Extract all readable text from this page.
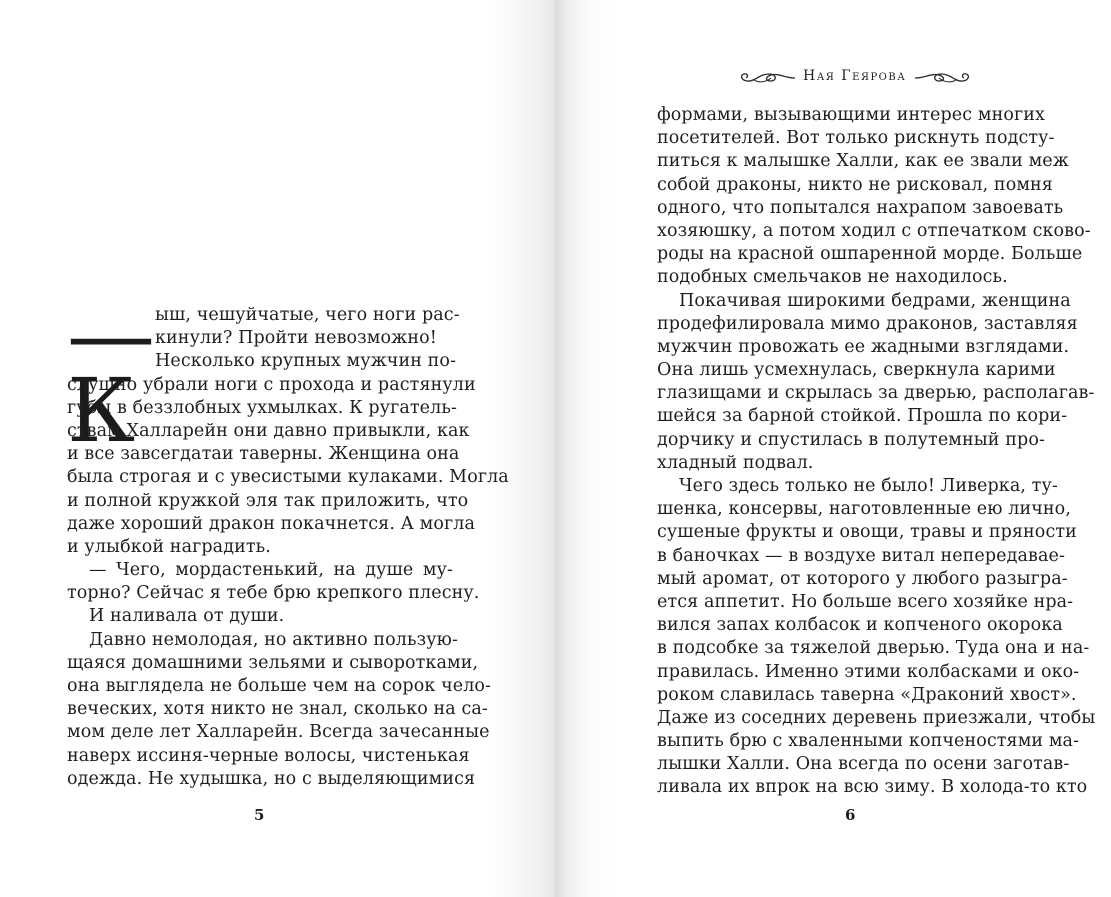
—К
ыш, чешуйчатые, чего ноги рас-
кинули? Пройти невозможно!
Несколько крупных мужчин по-
слушно убрали ноги с прохода и растянули
губы в беззлобных ухмылках. К ругатель-
ствам Халларейн они давно привыкли, как
и все завсегдатаи таверны. Женщина она
была строгая и с увесистыми кулаками. Могла
и полной кружкой эля так приложить, что
даже хороший дракон покачнется. А могла
и улыбкой наградить.
— Чего, мордастенький, на душе му-
торно? Сейчас я тебе брю крепкого плесну.
И наливала от души.
Давно немолодая, но активно пользую-
щаяся домашними зельями и сыворотками,
она выглядела не больше чем на сорок чело-
веческих, хотя никто не знал, сколько на са-
мом деле лет Халларейн. Всегда зачесанные
наверх иссиня-черные волосы, чистенькая
одежда. Не худышка, но с выделяющимися
5
Ная Геярова
формами, вызывающими интерес многих
посетителей. Вот только рискнуть подсту-
питься к малышке Халли, как ее звали меж
собой драконы, никто не рисковал, помня
одного, что попытался нахрапом завоевать
хозяюшку, а потом ходил с отпечатком сково-
роды на красной ошпаренной морде. Больше
подобных смельчаков не находилось.
Покачивая широкими бедрами, женщина
продефилировала мимо драконов, заставляя
мужчин провожать ее жадными взглядами.
Она лишь усмехнулась, сверкнула карими
глазищами и скрылась за дверью, располагав-
шейся за барной стойкой. Прошла по кори-
дорчику и спустилась в полутемный про-
хладный подвал.
Чего здесь только не было! Ливерка, ту-
шенка, консервы, наготовленные ею лично,
сушеные фрукты и овощи, травы и пряности
в баночках — в воздухе витал непередавае-
мый аромат, от которого у любого разыгра-
ется аппетит. Но больше всего хозяйке нра-
вился запах колбасок и копченого окорока
в подсобке за тяжелой дверью. Туда она и на-
правилась. Именно этими колбасками и око-
роком славилась таверна «Драконий хвост».
Даже из соседних деревень приезжали, чтобы
выпить брю с хваленными копченостями ма-
лышки Халли. Она всегда по осени заготав-
ливала их впрок на всю зиму. В холода-то кто
6
